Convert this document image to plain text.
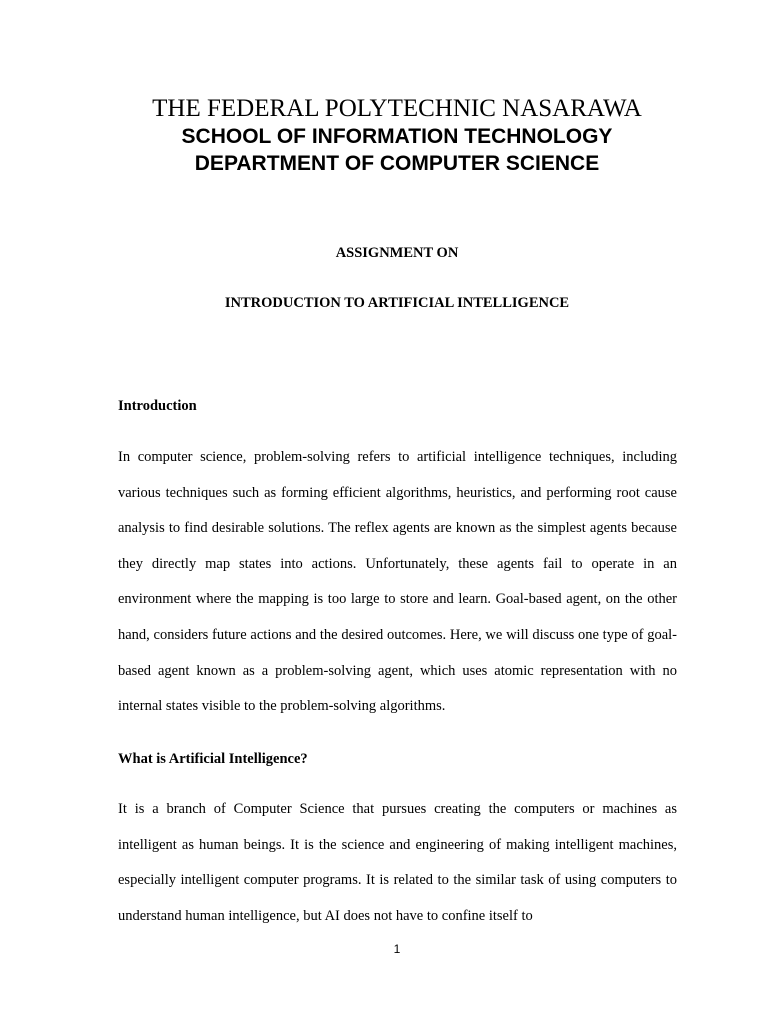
THE FEDERAL POLYTECHNIC NASARAWA
SCHOOL OF INFORMATION TECHNOLOGY
DEPARTMENT OF COMPUTER SCIENCE
ASSIGNMENT ON
INTRODUCTION TO ARTIFICIAL INTELLIGENCE
Introduction
In computer science, problem-solving refers to artificial intelligence techniques, including various techniques such as forming efficient algorithms, heuristics, and performing root cause analysis to find desirable solutions. The reflex agents are known as the simplest agents because they directly map states into actions. Unfortunately, these agents fail to operate in an environment where the mapping is too large to store and learn. Goal-based agent, on the other hand, considers future actions and the desired outcomes. Here, we will discuss one type of goal-based agent known as a problem-solving agent, which uses atomic representation with no internal states visible to the problem-solving algorithms.
What is Artificial Intelligence?
It is a branch of Computer Science that pursues creating the computers or machines as intelligent as human beings. It is the science and engineering of making intelligent machines, especially intelligent computer programs. It is related to the similar task of using computers to understand human intelligence, but AI does not have to confine itself to
1
